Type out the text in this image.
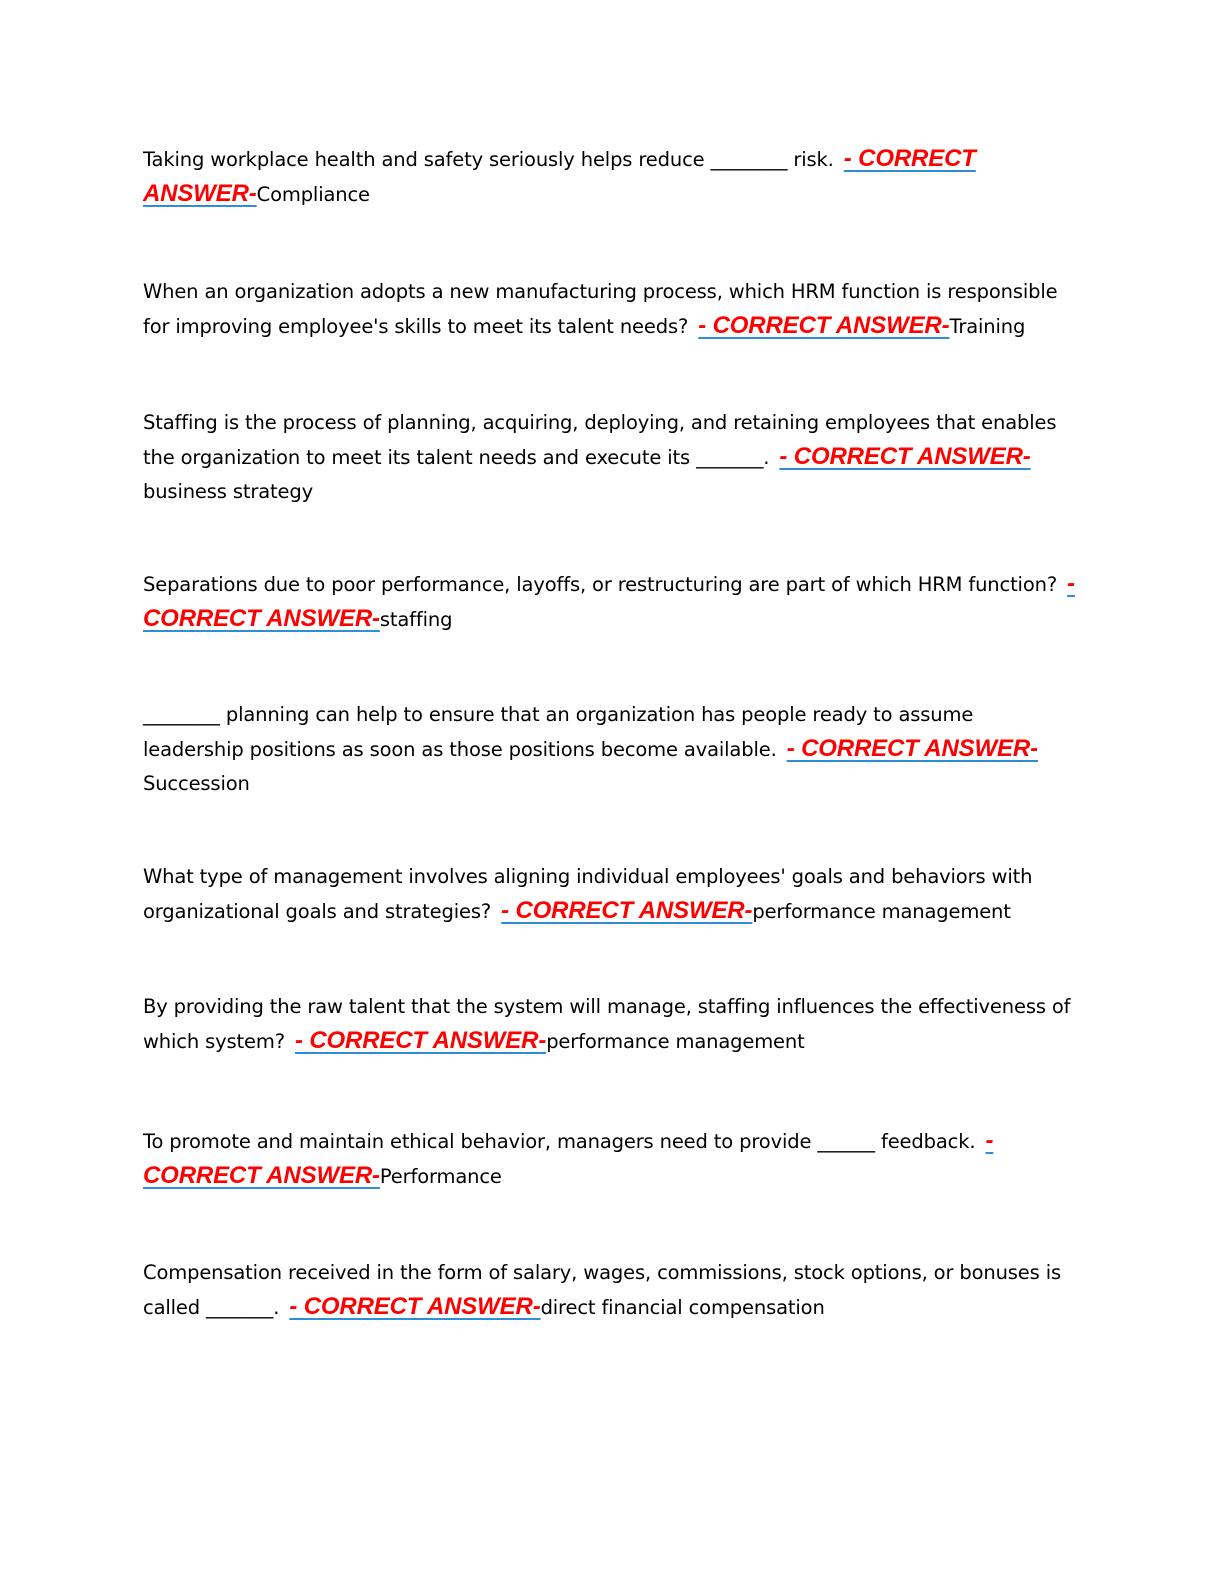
Taking workplace health and safety seriously helps reduce ________ risk. - CORRECT ANSWER-Compliance

When an organization adopts a new manufacturing process, which HRM function is responsible for improving employee's skills to meet its talent needs? - CORRECT ANSWER-Training

Staffing is the process of planning, acquiring, deploying, and retaining employees that enables the organization to meet its talent needs and execute its _______. - CORRECT ANSWER-business strategy

Separations due to poor performance, layoffs, or restructuring are part of which HRM function? - CORRECT ANSWER-staffing

________ planning can help to ensure that an organization has people ready to assume leadership positions as soon as those positions become available. - CORRECT ANSWER-Succession

What type of management involves aligning individual employees' goals and behaviors with organizational goals and strategies? - CORRECT ANSWER-performance management

By providing the raw talent that the system will manage, staffing influences the effectiveness of which system? - CORRECT ANSWER-performance management

To promote and maintain ethical behavior, managers need to provide ______ feedback. - CORRECT ANSWER-Performance

Compensation received in the form of salary, wages, commissions, stock options, or bonuses is called _______. - CORRECT ANSWER-direct financial compensation
